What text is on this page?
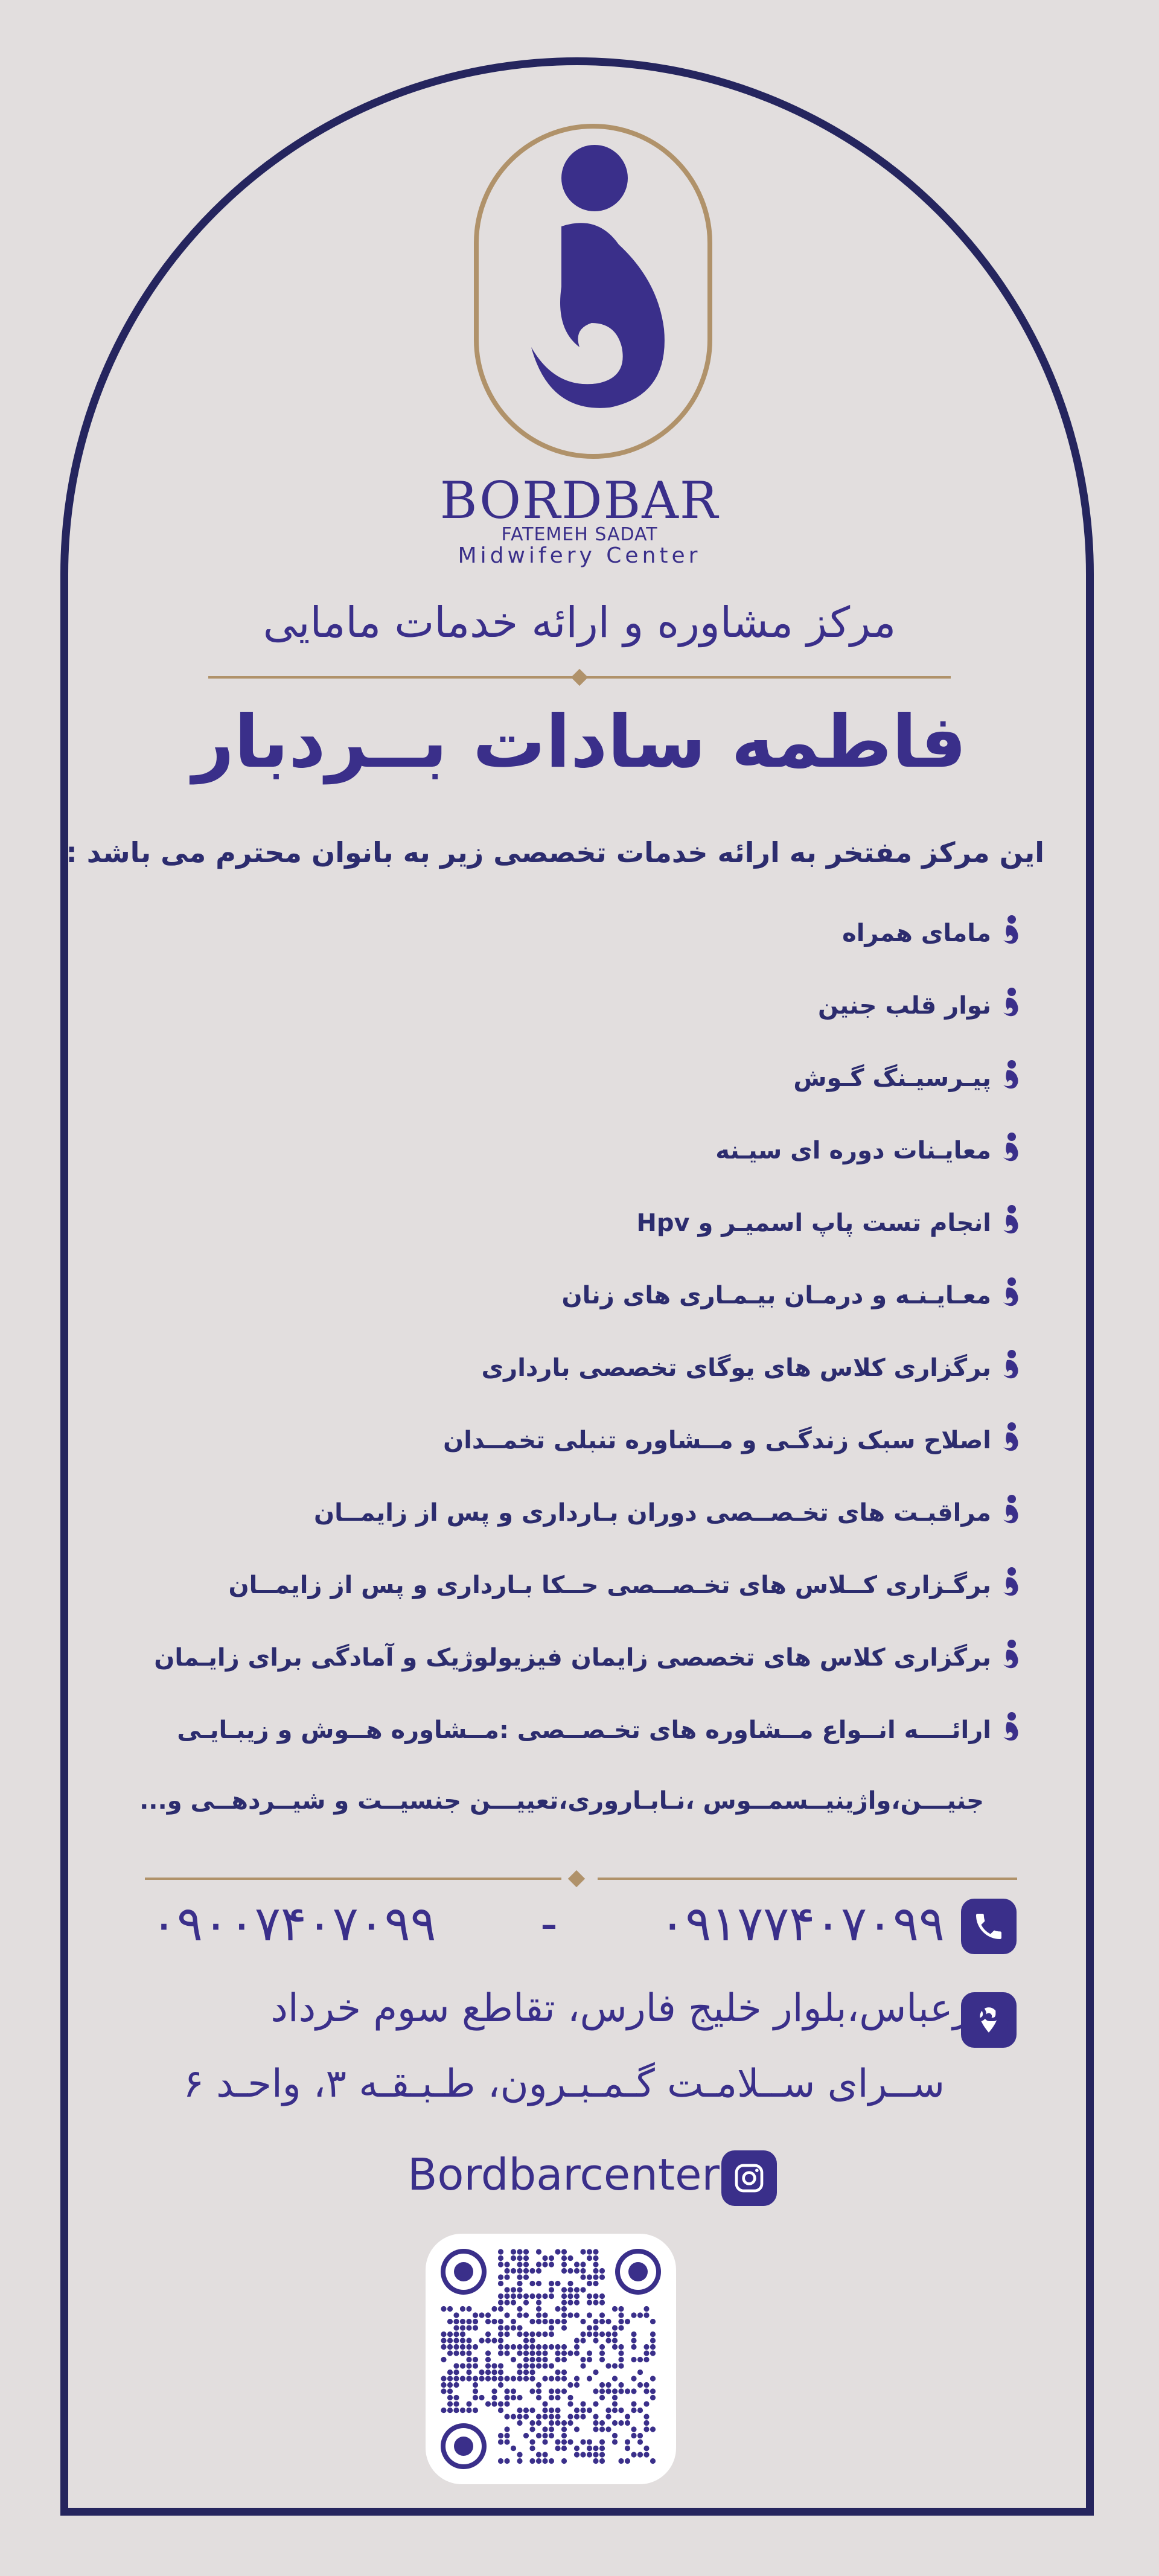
BORDBAR
FATEMEH SADAT
Midwifery Center
مرکز مشاوره و ارائه خدمات مامایی
فاطمه سادات بــردبار
این مرکز مفتخر به ارائه خدمات تخصصی زیر به بانوان محترم می باشد :
مامای همراه
نوار قلب جنین
پیـرسیـنگ گـوش
معایـنات دوره ای سیـنه
انجام تست پاپ اسمیـر و Hpv
معـایـنـه و درمـان بیـمـاری های زنان
برگزاری کلاس های یوگای تخصصی بارداری
اصلاح سبک زندگـی و مــشاوره تنبلی تخمــدان
مراقبـت های تخـصــصی دوران بـارداری و پس از زایمــان
برگـزاری کــلاس های تخـصــصی حــکا بـارداری و پس از زایمــان
برگزاری کلاس های تخصصی زایمان فیزیولوژیک و آمادگی برای زایـمان
ارائــــه انــواع مــشاوره های تخـصــصی :مــشاوره هــوش و زیبـایـی
جنیـــن،واژینیــسمــوس ،نـابـاروری،تعییـــن جنسیــت و شیــردهــی و...
۰۹۱۷۷۴۰۷۰۹۹
-
۰۹۰۰۷۴۰۷۰۹۹
بندرعباس،بلوار خلیج فارس، تقاطع سوم خرداد
ســرای ســلامـت گـمـبـرون، طـبـقـه ۳، واحـد ۶
Bordbarcenter
